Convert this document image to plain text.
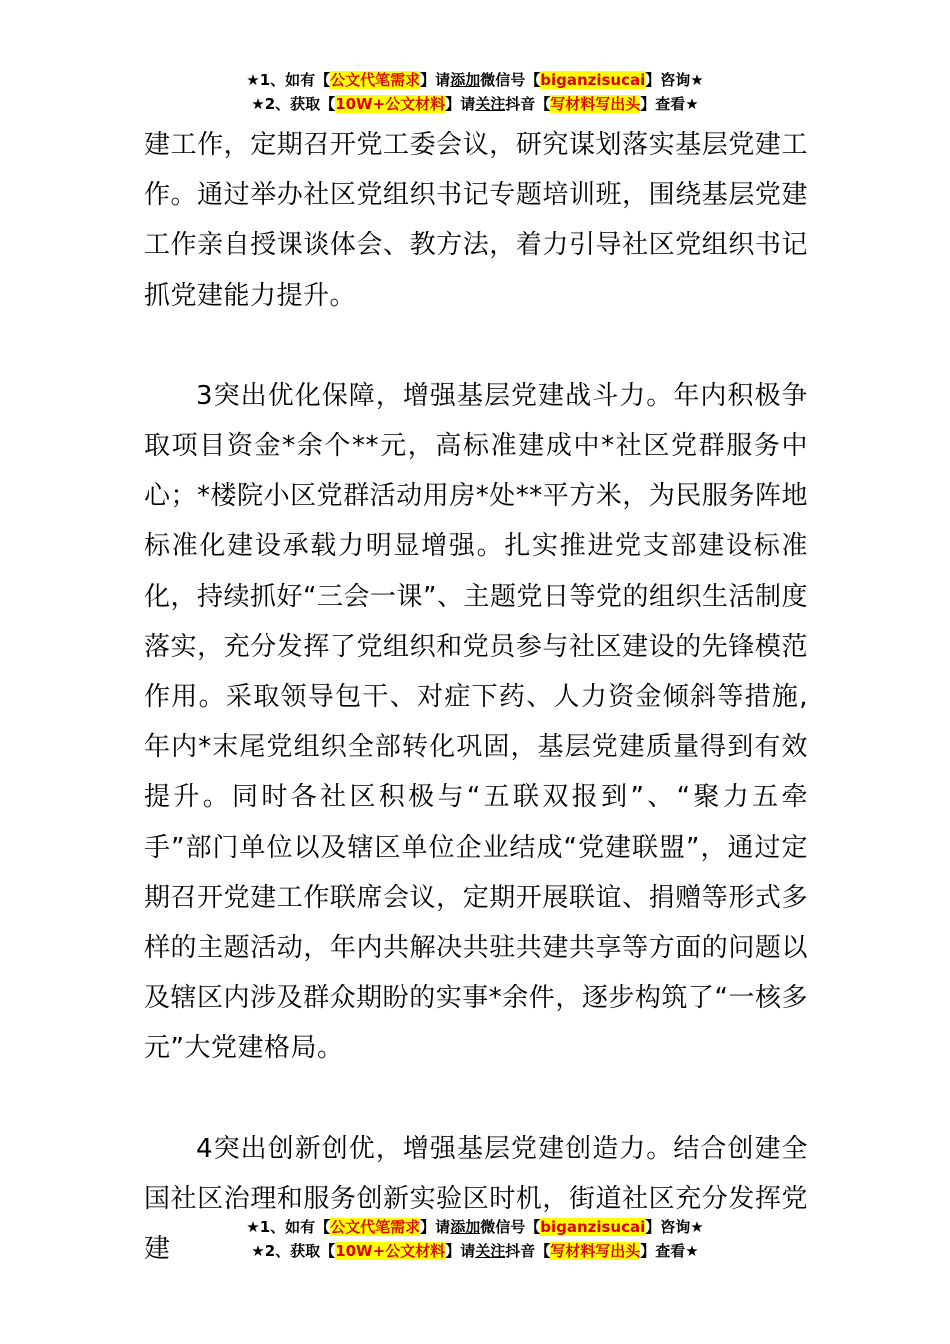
★1、如有【公文代笔需求】请添加微信号【biganzisucai】咨询★
★2、获取【10W+公文材料】请关注抖音【写材料写出头】查看★

建工作，定期召开党工委会议，研究谋划落实基层党建工作。通过举办社区党组织书记专题培训班，围绕基层党建工作亲自授课谈体会、教方法，着力引导社区党组织书记抓党建能力提升。

3突出优化保障，增强基层党建战斗力。年内积极争取项目资金*余个**元，高标准建成中*社区党群服务中心；*楼院小区党群活动用房*处**平方米，为民服务阵地标准化建设承载力明显增强。扎实推进党支部建设标准化，持续抓好“三会一课”、主题党日等党的组织生活制度落实，充分发挥了党组织和党员参与社区建设的先锋模范作用。采取领导包干、对症下药、人力资金倾斜等措施,年内*末尾党组织全部转化巩固，基层党建质量得到有效提升。同时各社区积极与“五联双报到”、“聚力五牵手”部门单位以及辖区单位企业结成“党建联盟”，通过定期召开党建工作联席会议，定期开展联谊、捐赠等形式多样的主题活动，年内共解决共驻共建共享等方面的问题以及辖区内涉及群众期盼的实事*余件，逐步构筑了“一核多元”大党建格局。

4突出创新创优，增强基层党建创造力。结合创建全国社区治理和服务创新实验区时机，街道社区充分发挥党建

★1、如有【公文代笔需求】请添加微信号【biganzisucai】咨询★
★2、获取【10W+公文材料】请关注抖音【写材料写出头】查看★
